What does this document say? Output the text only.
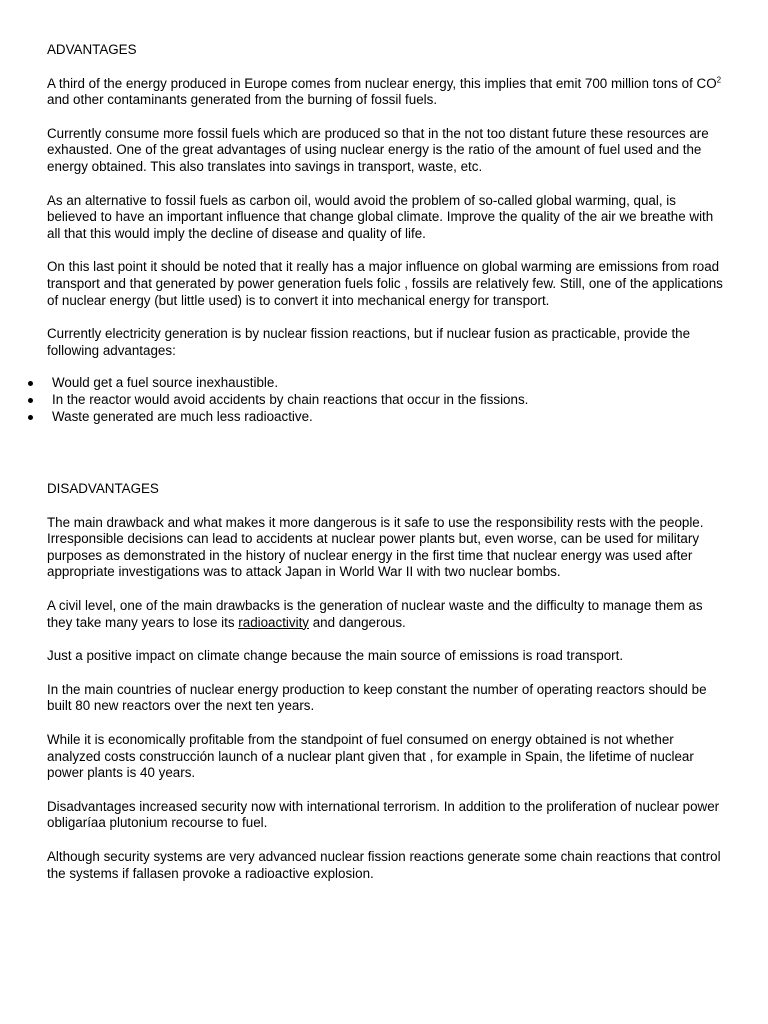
ADVANTAGES

A third of the energy produced in Europe comes from nuclear energy, this implies that emit 700 million tons of $CO^2$ and other contaminants generated from the burning of fossil fuels.

Currently consume more fossil fuels which are produced so that in the not too distant future these resources are exhausted. One of the great advantages of using nuclear energy is the ratio of the amount of fuel used and the energy obtained. This also translates into savings in transport, waste, etc.

As an alternative to fossil fuels as carbon oil, would avoid the problem of so-called global warming, qual, is believed to have an important influence that change global climate. Improve the quality of the air we breathe with all that this would imply the decline of disease and quality of life.

On this last point it should be noted that it really has a major influence on global warming are emissions from road transport and that generated by power generation fuels folic , fossils are relatively few. Still, one of the applications of nuclear energy (but little used) is to convert it into mechanical energy for transport.

Currently electricity generation is by nuclear fission reactions, but if nuclear fusion as practicable, provide the following advantages:

Would get a fuel source inexhaustible.
In the reactor would avoid accidents by chain reactions that occur in the fissions.
Waste generated are much less radioactive.
DISADVANTAGES

The main drawback and what makes it more dangerous is it safe to use the responsibility rests with the people. Irresponsible decisions can lead to accidents at nuclear power plants but, even worse, can be used for military purposes as demonstrated in the history of nuclear energy in the first time that nuclear energy was used after appropriate investigations was to attack Japan in World War II with two nuclear bombs.

A civil level, one of the main drawbacks is the generation of nuclear waste and the difficulty to manage them as they take many years to lose its radioactivity and dangerous.

Just a positive impact on climate change because the main source of emissions is road transport.

In the main countries of nuclear energy production to keep constant the number of operating reactors should be built 80 new reactors over the next ten years.

While it is economically profitable from the standpoint of fuel consumed on energy obtained is not whether analyzed costs construcción launch of a nuclear plant given that , for example in Spain, the lifetime of nuclear power plants is 40 years.

Disadvantages increased security now with international terrorism. In addition to the proliferation of nuclear power obligaríaa plutonium recourse to fuel.

Although security systems are very advanced nuclear fission reactions generate some chain reactions that control the systems if fallasen provoke a radioactive explosion.
